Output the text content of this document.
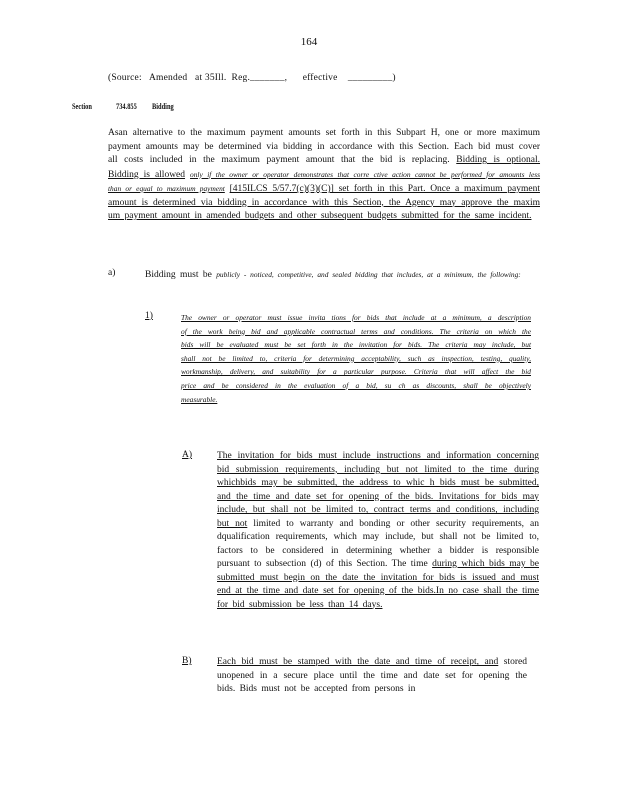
164
(Source:   Amended   at 35Ill.  Reg._______,      effective    _________)
Section	734.855 Bidding
Asan alternative to the maximum payment amounts set forth in this Subpart H, one or more maximum payment amounts may be determined via bidding in accordance with this Section. Each bid must cover all costs included in the maximum payment amount that the bid is replacing. Bidding is optional. Bidding is allowed only if the owner or operator demonstrates that corre ctive action cannot be performed for amounts less than or equal to maximum payment [415ILCS 5/57.7(c)(3)(C)] set forth in this Part. Once a maximum payment amount is determined via bidding in accordance with this Section, the Agency may approve the maxim um payment amount in amended budgets and other subsequent budgets submitted for the same incident.
a)	Bidding must be publicly - noticed, competitive, and sealed bidding that includes, at a minimum, the following:
1)	The owner or operator must issue invita tions for bids that include at a minimum, a description of the work being bid and applicable contractual terms and conditions. The criteria on which the bids will be evaluated must be set forth in the invitation for bids. The criteria may include, but shall not be limited to, criteria for determining acceptability, such as inspection, testing, quality, workmanship, delivery, and suitability for a particular purpose. Criteria that will affect the bid price and be considered in the evaluation of a bid, su ch as discounts, shall be objectively measurable.
A)	The invitation for bids must include instructions and information concerning bid submission requirements, including but not limited to the time during whichbids may be submitted, the address to whic h bids must be submitted, and the time and date set for opening of the bids. Invitations for bids may include, but shall not be limited to, contract terms and conditions, including but not limited to warranty and bonding or other security requirements, an dqualification requirements, which may include, but shall not be limited to, factors to be considered in determining whether a bidder is responsible pursuant to subsection (d) of this Section. The time during which bids may be submitted must begin on the date the invitation for bids is issued and must end at the time and date set for opening of the bids.In no case shall the time for bid submission be less than 14 days.
B)	Each bid must be stamped with the date and time of receipt, and stored unopened in a secure place until the time and date set for opening the bids. Bids must not be accepted from persons in
